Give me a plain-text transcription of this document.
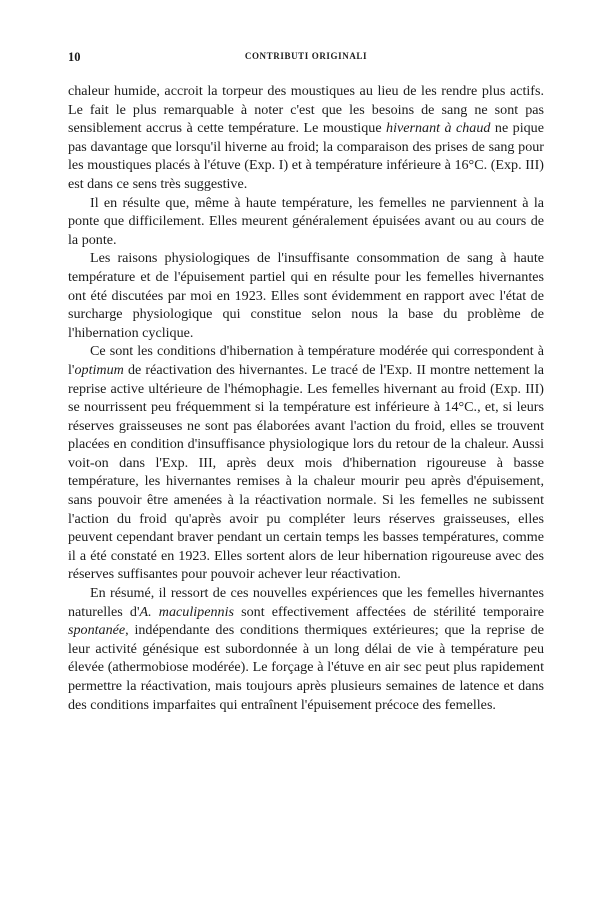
10	CONTRIBUTI ORIGINALI

chaleur humide, accroit la torpeur des moustiques au lieu de les rendre plus actifs. Le fait le plus remarquable à noter c'est que les besoins de sang ne sont pas sensiblement accrus à cette température. Le moustique hivernant à chaud ne pique pas davantage que lorsqu'il hiverne au froid; la comparaison des prises de sang pour les moustiques placés à l'étuve (Exp. I) et à température inférieure à 16°C. (Exp. III) est dans ce sens très suggestive.

Il en résulte que, même à haute température, les femelles ne parviennent à la ponte que difficilement. Elles meurent généralement épuisées avant ou au cours de la ponte.

Les raisons physiologiques de l'insuffisante consommation de sang à haute température et de l'épuisement partiel qui en résulte pour les femelles hivernantes ont été discutées par moi en 1923. Elles sont évidemment en rapport avec l'état de surcharge physiologique qui constitue selon nous la base du problème de l'hibernation cyclique.

Ce sont les conditions d'hibernation à température modérée qui correspondent à l'optimum de réactivation des hivernantes. Le tracé de l'Exp. II montre nettement la reprise active ultérieure de l'hémophagie. Les femelles hivernant au froid (Exp. III) se nourrissent peu fréquemment si la température est inférieure à 14°C., et, si leurs réserves graisseuses ne sont pas élaborées avant l'action du froid, elles se trouvent placées en condition d'insuffisance physiologique lors du retour de la chaleur. Aussi voit-on dans l'Exp. III, après deux mois d'hibernation rigoureuse à basse température, les hivernantes remises à la chaleur mourir peu après d'épuisement, sans pouvoir être amenées à la réactivation normale. Si les femelles ne subissent l'action du froid qu'après avoir pu compléter leurs réserves graisseuses, elles peuvent cependant braver pendant un certain temps les basses températures, comme il a été constaté en 1923. Elles sortent alors de leur hibernation rigoureuse avec des réserves suffisantes pour pouvoir achever leur réactivation.

En résumé, il ressort de ces nouvelles expériences que les femelles hivernantes naturelles d'A. maculipennis sont effectivement affectées de stérilité temporaire spontanée, indépendante des conditions thermiques extérieures; que la reprise de leur activité génésique est subordonnée à un long délai de vie à température peu élevée (athermobiose modérée). Le forçage à l'étuve en air sec peut plus rapidement permettre la réactivation, mais toujours après plusieurs semaines de latence et dans des conditions imparfaites qui entraînent l'épuisement précoce des femelles.
